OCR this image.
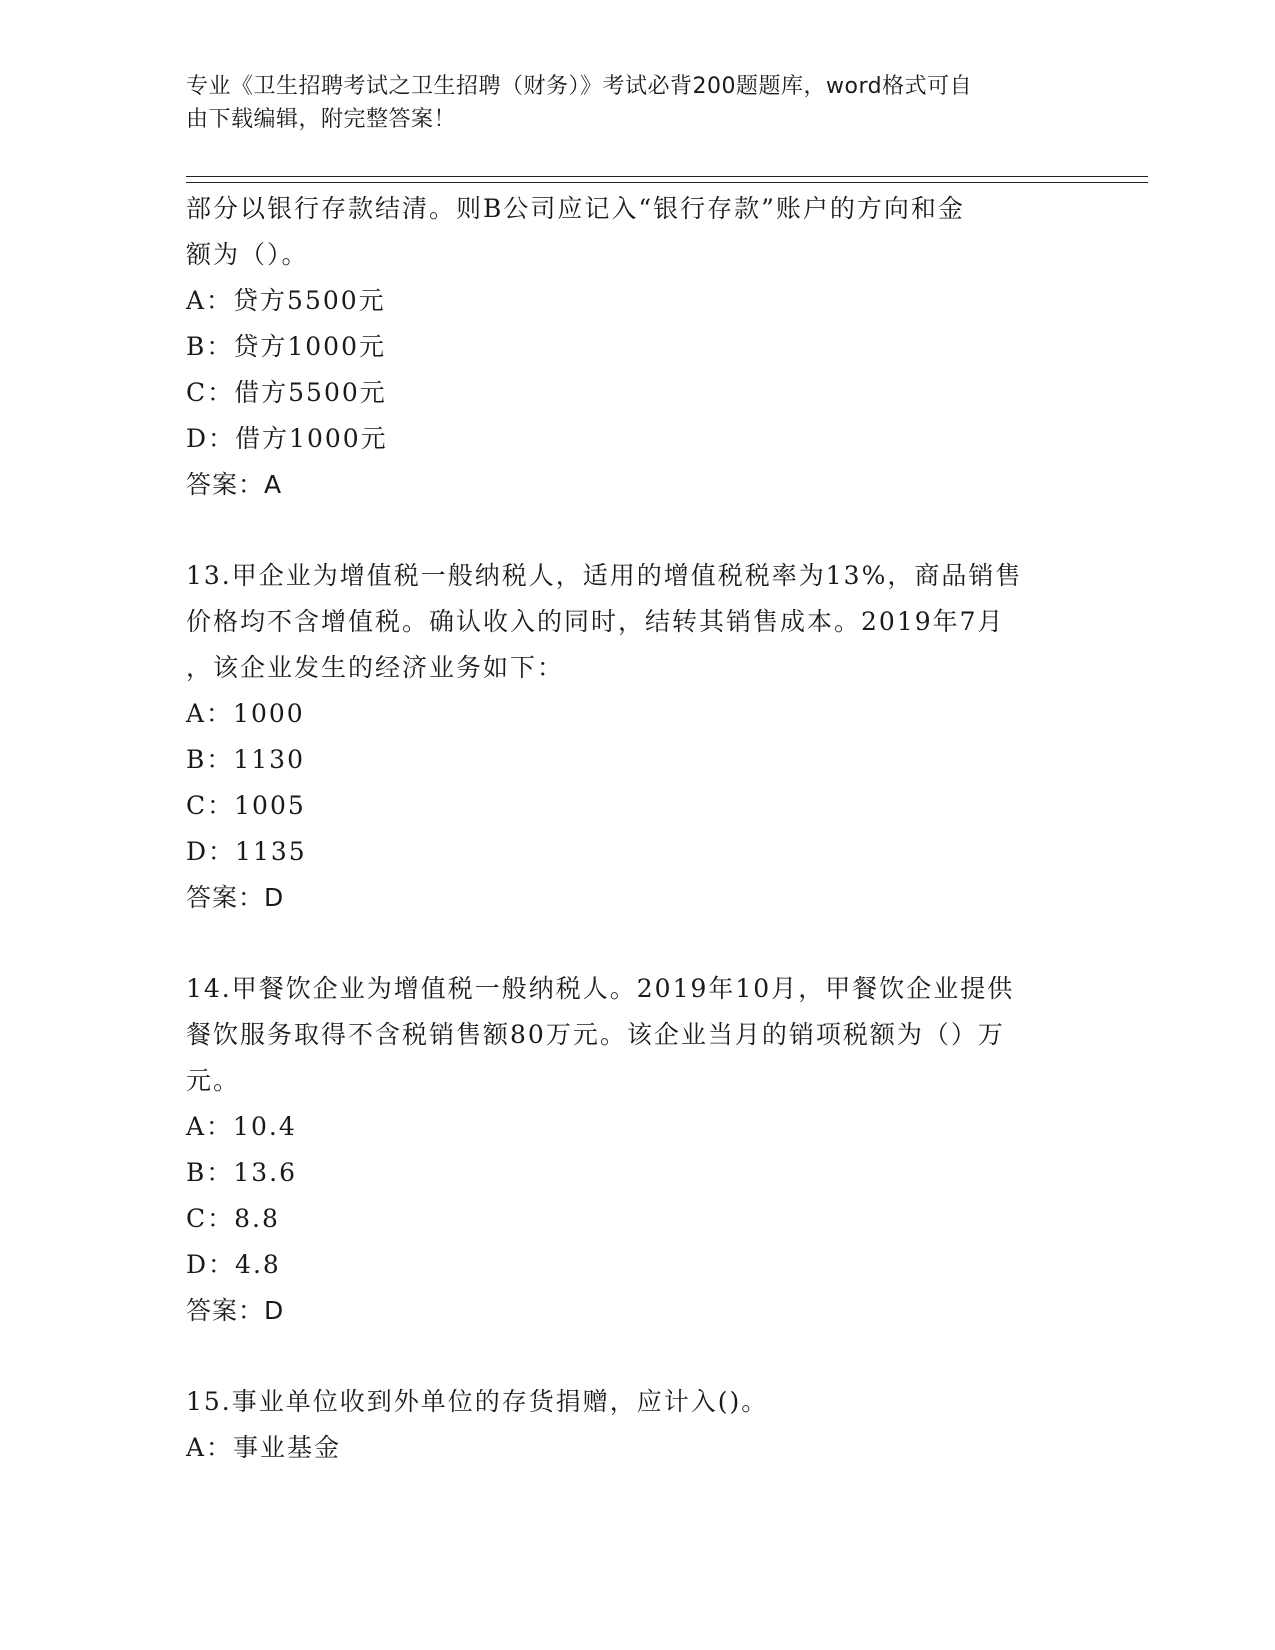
专业《卫生招聘考试之卫生招聘（财务）》考试必背200题题库，word格式可自
由下载编辑，附完整答案！
部分以银行存款结清。则B公司应记入“银行存款”账户的方向和金
额为（）。
A：贷方5500元
B：贷方1000元
C：借方5500元
D：借方1000元
答案：A
13.甲企业为增值税一般纳税人，适用的增值税税率为13%，商品销售
价格均不含增值税。确认收入的同时，结转其销售成本。2019年7月
，该企业发生的经济业务如下：
A：1000
B：1130
C：1005
D：1135
答案：D
14.甲餐饮企业为增值税一般纳税人。2019年10月，甲餐饮企业提供
餐饮服务取得不含税销售额80万元。该企业当月的销项税额为（）万
元。
A：10.4
B：13.6
C：8.8
D：4.8
答案：D
15.事业单位收到外单位的存货捐赠，应计入()。
A：事业基金
